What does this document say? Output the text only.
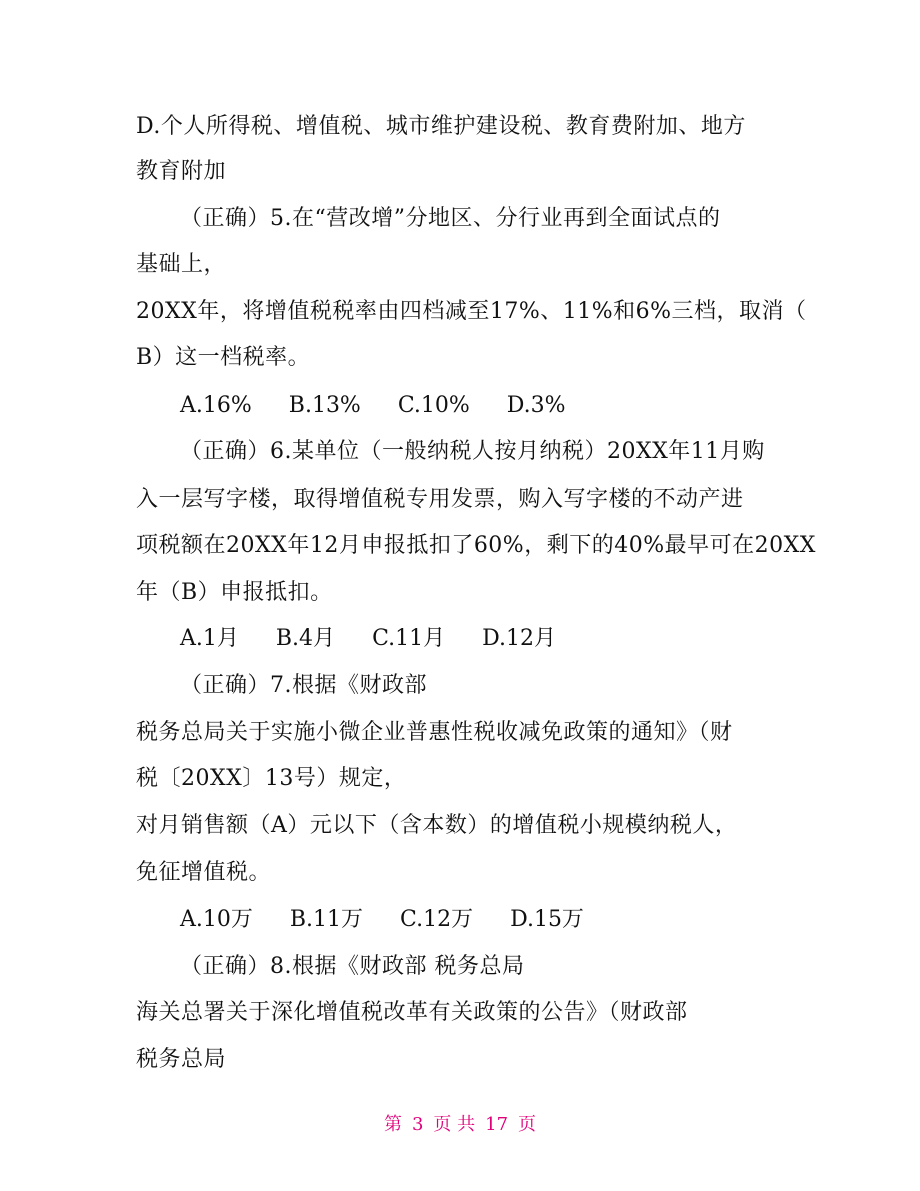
D.个人所得税、增值税、城市维护建设税、教育费附加、地方
教育附加
（正确）5.在“营改增”分地区、分行业再到全面试点的
基础上，
20XX年，将增值税税率由四档减至17%、11%和6%三档，取消（
B）这一档税率。
A.16% B.13% C.10% D.3%
（正确）6.某单位（一般纳税人按月纳税）20XX年11月购
入一层写字楼，取得增值税专用发票，购入写字楼的不动产进
项税额在20XX年12月申报抵扣了60%，剩下的40%最早可在20XX
年（B）申报抵扣。
A.1月 B.4月 C.11月 D.12月
（正确）7.根据《财政部
税务总局关于实施小微企业普惠性税收减免政策的通知》（财
税〔20XX〕13号）规定，
对月销售额（A）元以下（含本数）的增值税小规模纳税人，
免征增值税。
A.10万 B.11万 C.12万 D.15万
（正确）8.根据《财政部 税务总局
海关总署关于深化增值税改革有关政策的公告》（财政部
税务总局
第 3 页 共 17 页
